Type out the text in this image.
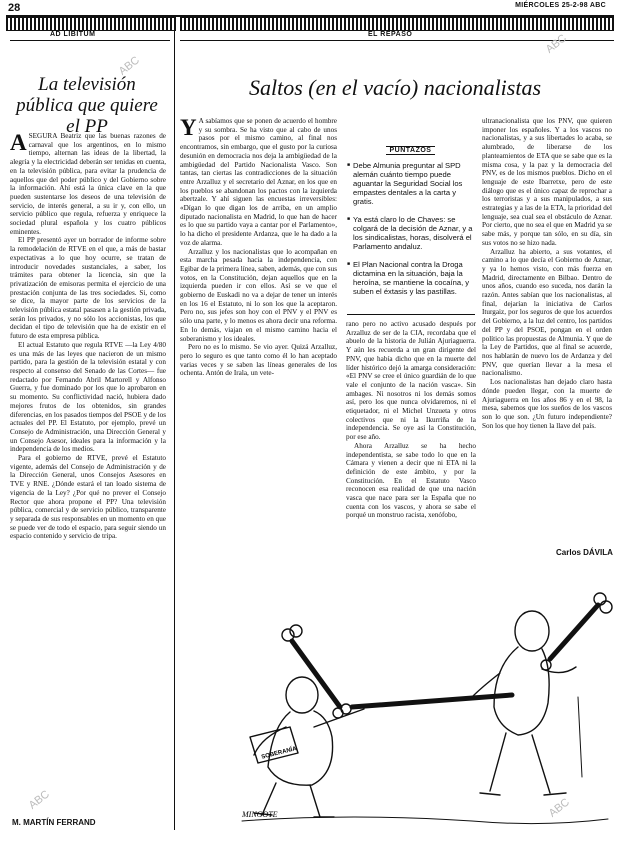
28	MIÉRCOLES 25-2-98 ABC
AD LIBITUM
La televisión pública que quiere el PP

ASEGURA Beatriz que las buenas razones de carnaval que los argentinos, en lo mismo tiempo, alternan las ideas de la libertad, la alegría y la electricidad deberán ser tenidas en cuenta, en la televisión pública, para evitar la prudencia de aquellos que del poder público y del Gobierno sobre la información. Ahí está la única clave en la que pueden sustentarse los deseos de una televisión de servicio, de interés general, a su ir y, con ello, un servicio público que regula, refuerza y enriquece la sociedad plural española y los cuatro públicos eminentes.

El PP presentó ayer un borrador de informe sobre la remodelación de RTVE en el que, a más de bastar expectativas a lo que hoy ocurre, se tratan de introducir novedades sustanciales, a saber, los trámites para obtener la licencia, sin que la privatización de emisoras permita el ejercicio de una prestación conjunta de las tres sociedades. Si, como se dice, la mayor parte de los servicios de la televisión pública estatal pasasen a la gestión privada, serán los privados, y no sólo los accionistas, los que decidan el tipo de televisión que ha de existir en el futuro de esta empresa pública.

El actual Estatuto que regula RTVE —la Ley 4/80 es una más de las leyes que nacieron de un mismo partido, para la gestión de la televisión estatal y con respecto al consenso del Senado de las Cortes— fue redactado por Fernando Abril Martorell y Alfonso Guerra, y fue dominado por los que lo aprobaron en su momento. Su conflictividad nació, hubiera dado mejores frutos de los obtenidos, sin grandes diferencias, en los pasados tiempos del PSOE y de los actuales del PP. El Estatuto, por ejemplo, prevé un Consejo de Administración, una Dirección General y un Consejo Asesor, ideales para la información y la independencia de los medios.

Para el gobierno de RTVE, prevé el Estatuto vigente, además del Consejo de Administración y de la Dirección General, unos Consejos Asesores en TVE y RNE. ¿Dónde estará el tan loado sistema de vigencia de la Ley? ¿Por qué no prever el Consejo Rector que ahora propone el PP? Una televisión pública, comercial y de servicio público, transparente y separada de sus responsables en un momento en que se puede ver de todo el espacio, para seguir siendo un espacio contenido y servicio de tripa.

M. MARTÍN FERRAND
EL REPASO
Saltos (en el vacío) nacionalistas

Y A sabíamos que se ponen de acuerdo el hombre y su sombra. Se ha visto que al cabo de unos pasos por el mismo camino, al final nos encontramos, sin embargo, que el gusto por la curiosa desunión en democracia nos deja la ambigüedad de la ambigüedad del Partido Nacionalista Vasco. Son tantas, tan ciertas las contradicciones de la situación entre Arzalluz y el secretario del Aznar, en los que en los pueblos se abandonan los pactos con la izquierda abertzale. Y ahí siguen las encuestas irreversibles: «Dígan lo que digan los de arriba, en un amplio diputado nacionalista en Madrid, lo que han de hacer es lo que su partido vaya a cantar por el Parlamento», lo ha dicho el presidente Ardanza, que le ha dado a la voz de alarma.

Arzalluz y los nacionalistas que lo acompañan en esta marcha pesada hacia la independencia, con Egibar de la primera línea, saben, además, que con sus votos, en la Constitución, dejan aquellos que en la izquierda pueden ir con ellos. Así se ve que el gobierno de Euskadi no va a dejar de tener un interés en los 16 el Estatuto, ni lo son los que la aceptaron. Pero no, sus jefes son hoy con el PNV y el PNV es sólo una parte, y lo menos es ahora decir una reforma. En lo demás, viajan en el mismo camino hacia el soberanismo y los ideales.

Pero no es lo mismo. Se vio ayer. Quizá Arzalluz, pero lo seguro es que tanto como él lo han aceptado varias veces y se saben las líneas generales de los ochenta. Antón de Irala, un vete-

PUNTAZOS
■ Debe Almunia preguntar al SPD alemán cuánto tiempo puede aguantar la Seguridad Social los empastes dentales a la carta y gratis.
■ Ya está claro lo de Chaves: se colgará de la decisión de Aznar, y a los sindicalistas, horas, disolverá el Parlamento andaluz.
■ El Plan Nacional contra la Droga dictamina en la situación, baja la heroína, se mantiene la cocaína, y suben el éxtasis y las pastillas.

rano pero no activo acusado después por Arzalluz de ser de la CIA, recordaba que el abuelo de la historia de Julián Ajuriaguerra. Y aún les recuerda a un gran dirigente del PNV, que había dicho que en la muerte del líder histórico dejó la amarga consideración: «El PNV se cree el único guardián de lo que vale el conjunto de la nación vasca». Sin ambages. Ni nosotros ni los demás somos así, pero los que nunca olvidaremos, ni el etiquetador, ni el Michel Unzueta y otros colectivos que ni la Ikurriña de la independencia. Se oye así la Constitución, por ese año.

Ahora Arzalluz se ha hecho independentista, se sabe todo lo que en la Cámara y vienen a decir que ni ETA ni la definición de este ámbito, y por la Constitución. En el Estatuto Vasco reconocen esa realidad de que una nación vasca que nace para ser la España que no cuenta con los vascos, y ahora se sabe el porqué un monstruo racista, xenófobo,

ultranacionalista que los PNV, que quieren imponer los españoles. Y a los vascos no nacionalistas, y a sus libertades lo acaba, se alumbrado, de liberarse de los planteamientos de ETA que se sabe que es la misma cosa, y la paz y la democracia del PNV, es de los mismos pueblos. Dicho en el lenguaje de este Ibarretxe, pero de este diálogo que es el único capaz de reprochar a los terroristas y a sus manipulados, a sus estrategias y a las de la ETA, la prioridad del lenguaje, sea cual sea el obstáculo de Aznar. Por cierto, que no sea el que en Madrid ya se sabe más, y porque tan sólo, en su día, sin sus votos no se hizo nada.

Arzalluz ha abierto, a sus votantes, el camino a lo que decía el Gobierno de Aznar, y ya lo hemos visto, con más fuerza en Madrid, directamente en Bilbao. Dentro de unos años, cuando eso suceda, nos darán la razón. Antes sabían que los nacionalistas, al final, dejarían la iniciativa de Carlos Iturgaiz, por los seguros de que los acuerdos del Gobierno, a la luz del centro, los partidos del PP y del PSOE, pongan en el orden político las propuestas de Almunia. Y que de la Ley de Partidos, que al final se acuerde, nos hablarán de nuevo los de Ardanza y del PNV, que querían llevar a la mesa el nacionalismo.

Los nacionalistas han dejado claro hasta dónde pueden llegar, con la muerte de Ajuriaguerra en los años 86 y en el 98, la mesa, sabemos que los sueños de los vascos son lo que son. ¿Un futuro independiente? Son los que hoy tienen la llave del país.

Carlos DÁVILA
SOBERANÍA
MINGOTE
ABC
ABC
ABC	ABC
